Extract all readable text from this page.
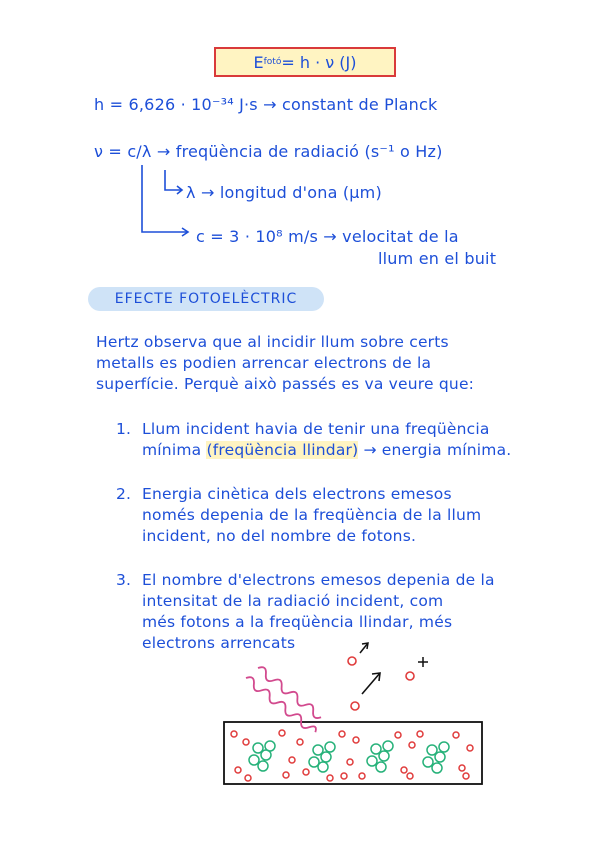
E fotó = h · ν (J)
h = 6,626 · 10⁻³⁴ J·s → constant de Planck
ν = c/λ → freqüència de radiació (s⁻¹ o Hz)
λ → longitud d'ona (µm)
c = 3 · 10⁸ m/s → velocitat de la
llum en el buit
EFECTE FOTOELÈCTRIC
Hertz observa que al incidir llum sobre certs
metalls es podien arrencar electrons de la
superfície. Perquè això passés es va veure que:
1. Llum incident havia de tenir una freqüència
mínima (freqüència llindar) → energia mínima.
2. Energia cinètica dels electrons emesos
només depenia de la freqüència de la llum
incident, no del nombre de fotons.
3. El nombre d'electrons emesos depenia de la
intensitat de la radiació incident, com
més fotons a la freqüència llindar, més
electrons arrencats
